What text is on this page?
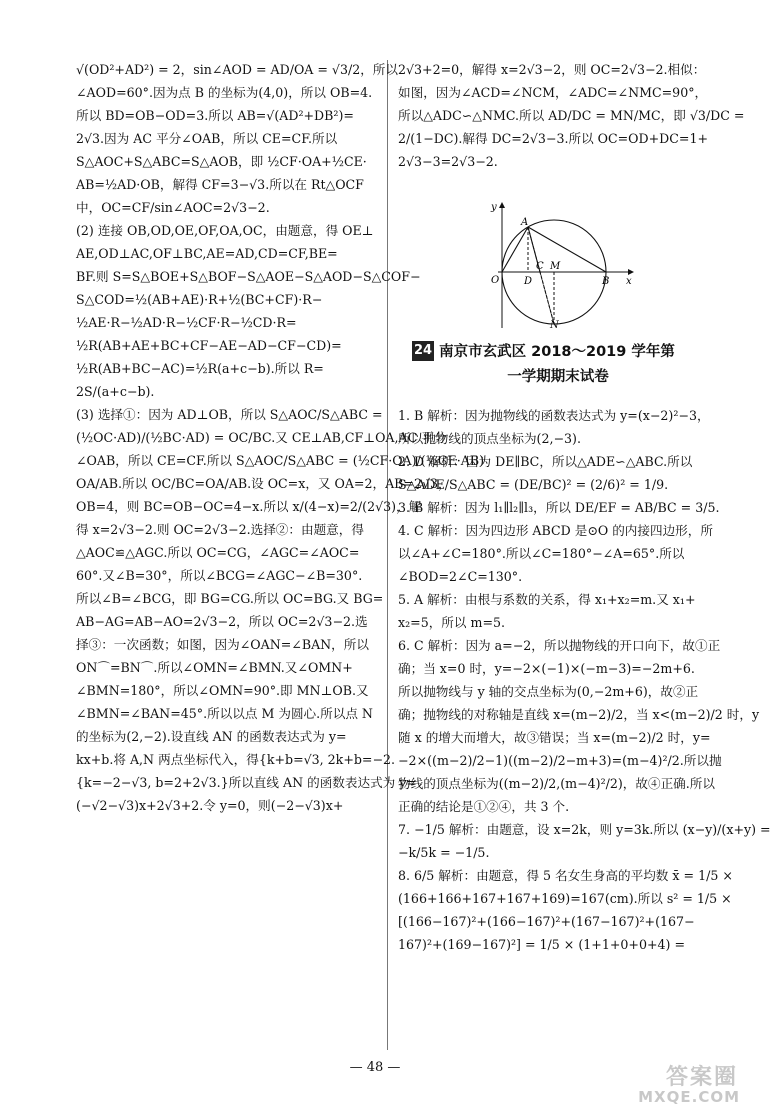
√(OD²+AD²) = 2，sin∠AOD = AD/OA = √3/2，所以

∠AOD=60°.因为点 B 的坐标为(4,0)，所以 OB=4.

所以 BD=OB−OD=3.所以 AB=√(AD²+DB²)=

2√3.因为 AC 平分∠OAB，所以 CE=CF.所以

S△AOC+S△ABC=S△AOB，即 ½CF·OA+½CE·

AB=½AD·OB，解得 CF=3−√3.所以在 Rt△OCF

中，OC=CF/sin∠AOC=2√3−2.

(2) 连接 OB,OD,OE,OF,OA,OC，由题意，得 OE⊥

AE,OD⊥AC,OF⊥BC,AE=AD,CD=CF,BE=

BF.则 S=S△BOE+S△BOF−S△AOE−S△AOD−S△COF−

S△COD=½(AB+AE)·R+½(BC+CF)·R−

½AE·R−½AD·R−½CF·R−½CD·R=

½R(AB+AE+BC+CF−AE−AD−CF−CD)=

½R(AB+BC−AC)=½R(a+c−b).所以 R=

2S/(a+c−b).

(3) 选择①：因为 AD⊥OB，所以 S△AOC/S△ABC =

(½OC·AD)/(½BC·AD) = OC/BC.又 CE⊥AB,CF⊥OA,AC 平分

∠OAB，所以 CE=CF.所以 S△AOC/S△ABC = (½CF·OA)/(½CE·AB)

OA/AB.所以 OC/BC=OA/AB.设 OC=x，又 OA=2，AB=2√3，

OB=4，则 BC=OB−OC=4−x.所以 x/(4−x)=2/(2√3)，解

得 x=2√3−2.则 OC=2√3−2.选择②：由题意，得

△AOC≌△AGC.所以 OC=CG，∠AGC=∠AOC=

60°.又∠B=30°，所以∠BCG=∠AGC−∠B=30°.

所以∠B=∠BCG，即 BG=CG.所以 OC=BG.又 BG=

AB−AG=AB−AO=2√3−2，所以 OC=2√3−2.选

择③：一次函数；如图，因为∠OAN=∠BAN，所以

ON⌒=BN⌒.所以∠OMN=∠BMN.又∠OMN+

∠BMN=180°，所以∠OMN=90°.即 MN⊥OB.又

∠BMN=∠BAN=45°.所以以点 M 为圆心.所以点 N

的坐标为(2,−2).设直线 AN 的函数表达式为 y=

kx+b.将 A,N 两点坐标代入，得{k+b=√3, 2k+b=−2.

{k=−2−√3, b=2+2√3.}所以直线 AN 的函数表达式为 y=

(−√2−√3)x+2√3+2.令 y=0，则(−2−√3)x+

2√3+2=0，解得 x=2√3−2，则 OC=2√3−2.相似：

如图，因为∠ACD=∠NCM，∠ADC=∠NMC=90°，

所以△ADC∽△NMC.所以 AD/DC = MN/MC，即 √3/DC =

2/(1−DC).解得 DC=2√3−3.所以 OC=OD+DC=1+

2√3−3=2√3−2.

y
x
A
O D
C M
B
N
24 南京市玄武区 2018～2019 学年第
一学期期末试卷

1. B 解析：因为抛物线的函数表达式为 y=(x−2)²−3，

所以抛物线的顶点坐标为(2,−3).

2. D 解析：因为 DE∥BC，所以△ADE∽△ABC.所以

S△ADE/S△ABC = (DE/BC)² = (2/6)² = 1/9.

3. B 解析：因为 l₁∥l₂∥l₃，所以 DE/EF = AB/BC = 3/5.

4. C 解析：因为四边形 ABCD 是⊙O 的内接四边形，所

以∠A+∠C=180°.所以∠C=180°−∠A=65°.所以

∠BOD=2∠C=130°.

5. A 解析：由根与系数的关系，得 x₁+x₂=m.又 x₁+

x₂=5，所以 m=5.

6. C 解析：因为 a=−2，所以抛物线的开口向下，故①正

确；当 x=0 时，y=−2×(−1)×(−m−3)=−2m+6.

所以抛物线与 y 轴的交点坐标为(0,−2m+6)，故②正

确；抛物线的对称轴是直线 x=(m−2)/2，当 x<(m−2)/2 时，y

随 x 的增大而增大，故③错误；当 x=(m−2)/2 时，y=

−2×((m−2)/2−1)((m−2)/2−m+3)=(m−4)²/2.所以抛

物线的顶点坐标为((m−2)/2,(m−4)²/2)，故④正确.所以

正确的结论是①②④，共 3 个.

7. −1/5 解析：由题意，设 x=2k，则 y=3k.所以 (x−y)/(x+y) =

−k/5k = −1/5.

8. 6/5 解析：由题意，得 5 名女生身高的平均数 x̄ = 1/5 ×

(166+166+167+167+169)=167(cm).所以 s² = 1/5 ×

[(166−167)²+(166−167)²+(167−167)²+(167−

167)²+(169−167)²] = 1/5 × (1+1+0+0+4) =

— 48 —	答案圈
MXQE.COM
